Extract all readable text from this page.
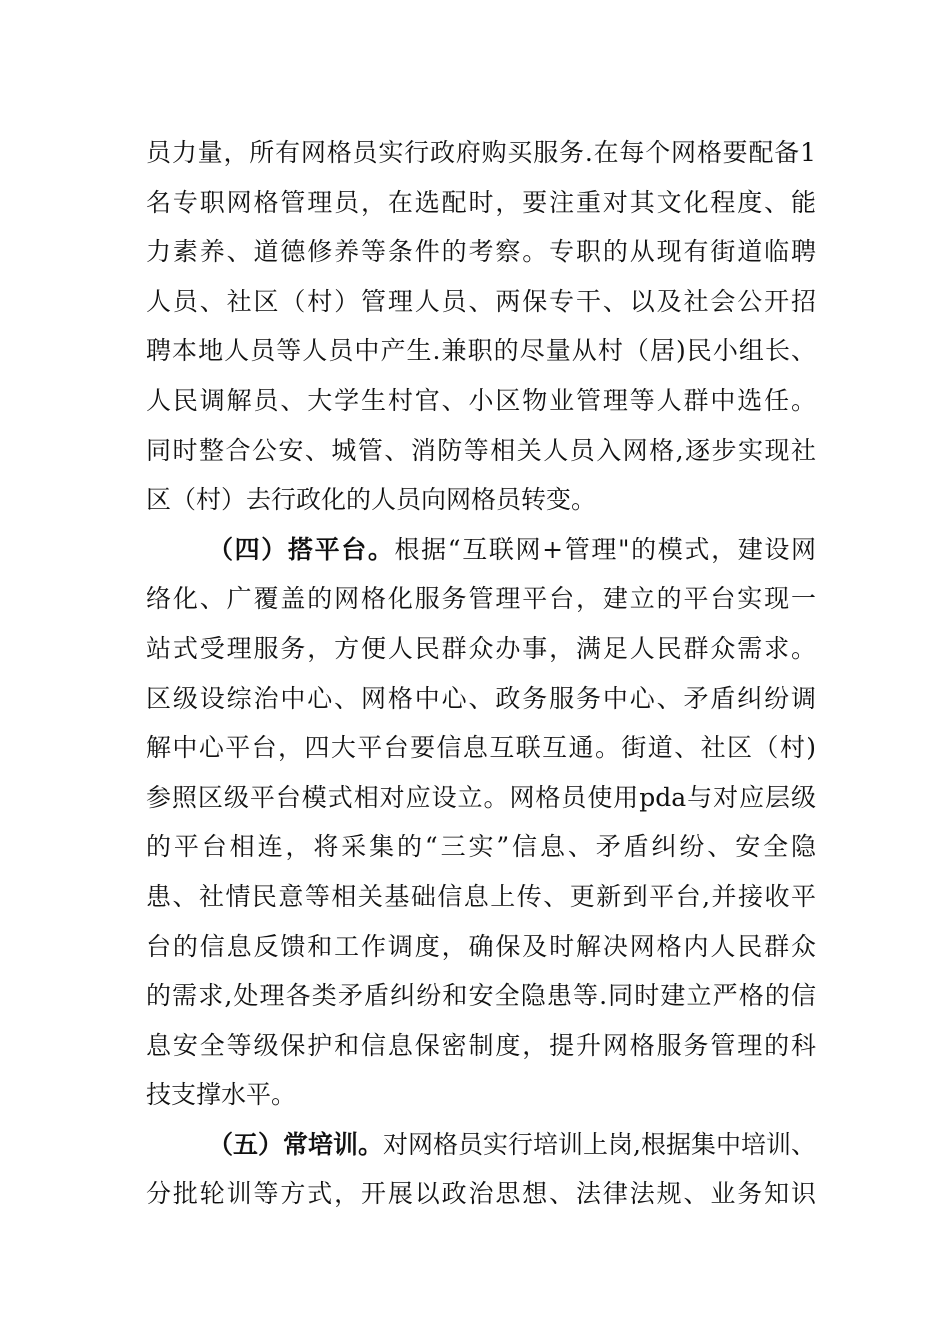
员力量，所有网格员实行政府购买服务.在每个网格要配备1
名专职网格管理员，在选配时，要注重对其文化程度、能
力素养、道德修养等条件的考察。专职的从现有街道临聘
人员、社区（村）管理人员、两保专干、以及社会公开招
聘本地人员等人员中产生.兼职的尽量从村（居)民小组长、
人民调解员、大学生村官、小区物业管理等人群中选任。
同时整合公安、城管、消防等相关人员入网格,逐步实现社
区（村）去行政化的人员向网格员转变。
（四）搭平台。根据“互联网+管理"的模式，建设网
络化、广覆盖的网格化服务管理平台，建立的平台实现一
站式受理服务，方便人民群众办事，满足人民群众需求。
区级设综治中心、网格中心、政务服务中心、矛盾纠纷调
解中心平台，四大平台要信息互联互通。街道、社区（村)
参照区级平台模式相对应设立。网格员使用pda与对应层级
的平台相连，将采集的“三实”信息、矛盾纠纷、安全隐
患、社情民意等相关基础信息上传、更新到平台,并接收平
台的信息反馈和工作调度，确保及时解决网格内人民群众
的需求,处理各类矛盾纠纷和安全隐患等.同时建立严格的信
息安全等级保护和信息保密制度，提升网格服务管理的科
技支撑水平。
（五）常培训。对网格员实行培训上岗,根据集中培训、
分批轮训等方式，开展以政治思想、法律法规、业务知识
